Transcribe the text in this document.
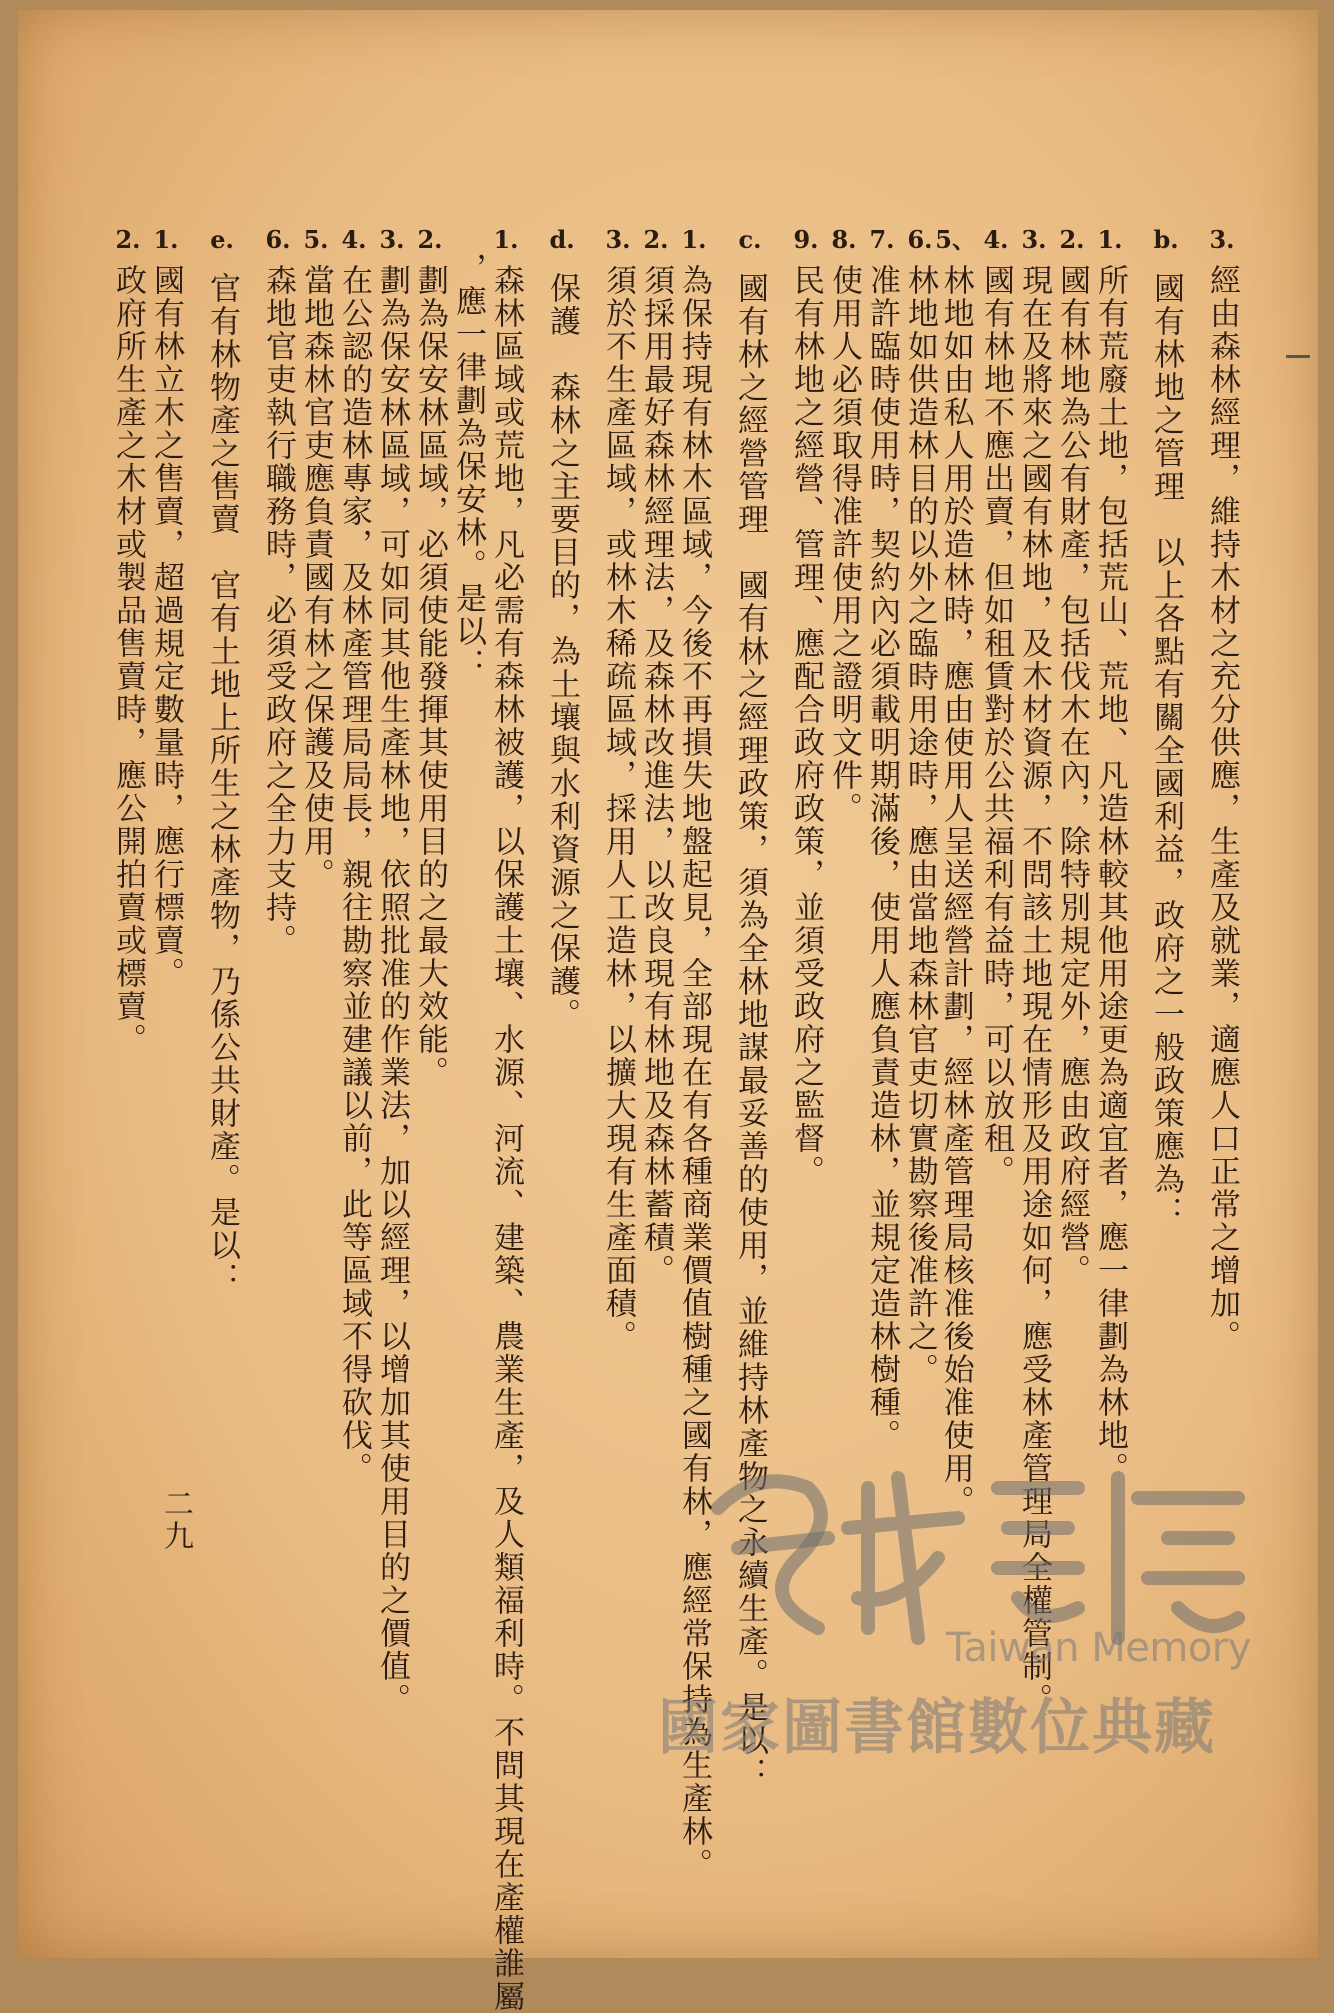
3.經由森林經理，維持木材之充分供應，生產及就業，適應人口正常之增加。
b.國有林地之管理　以上各點有關全國利益，政府之一般政策應為：
1.所有荒廢土地，包括荒山、荒地、凡造林較其他用途更為適宜者，應一律劃為林地。
2.國有林地為公有財產，包括伐木在內，除特別規定外，應由政府經營。
3.現在及將來之國有林地，及木材資源，不問該土地現在情形及用途如何，應受林產管理局全權管制。
4.國有林地不應出賣，但如租賃對於公共福利有益時，可以放租。
5、林地如由私人用於造林時，應由使用人呈送經營計劃，經林產管理局核准後始准使用。
6.林地如供造林目的以外之臨時用途時，應由當地森林官吏切實勘察後准許之。
7.准許臨時使用時，契約內必須載明期滿後，使用人應負責造林，並規定造林樹種。
8.使用人必須取得准許使用之證明文件。
9.民有林地之經營、管理、應配合政府政策，並須受政府之監督。
c.國有林之經營管理　國有林之經理政策，須為全林地謀最妥善的使用，並維持林產物之永續生產。是以：
1.為保持現有林木區域，今後不再損失地盤起見，全部現在有各種商業價值樹種之國有林，應經常保持為生產林。
2.須採用最好森林經理法，及森林改進法，以改良現有林地及森林蓄積。
3.須於不生產區域，或林木稀疏區域，採用人工造林，以擴大現有生產面積。
d.保護　森林之主要目的，為土壤與水利資源之保護。
1.森林區域或荒地，凡必需有森林被護，以保護土壤、水源、河流、建築、農業生產，及人類福利時。不問其現在產權誰屬
，應一律劃為保安林。是以：
2.劃為保安林區域，必須使能發揮其使用目的之最大效能。
3.劃為保安林區域，可如同其他生產林地，依照批准的作業法，加以經理，以增加其使用目的之價值。
4.在公認的造林專家，及林產管理局局長，親往勘察並建議以前，此等區域不得砍伐。
5.當地森林官吏應負責國有林之保護及使用。
6.森地官吏執行職務時，必須受政府之全力支持。
e.官有林物產之售賣　官有土地上所生之林產物，乃係公共財產。是以：
1.國有林立木之售賣，超過規定數量時，應行標賣。
2.政府所生產之木材或製品售賣時，應公開拍賣或標賣。
二九
Taiwan Memory
國家圖書館數位典藏
